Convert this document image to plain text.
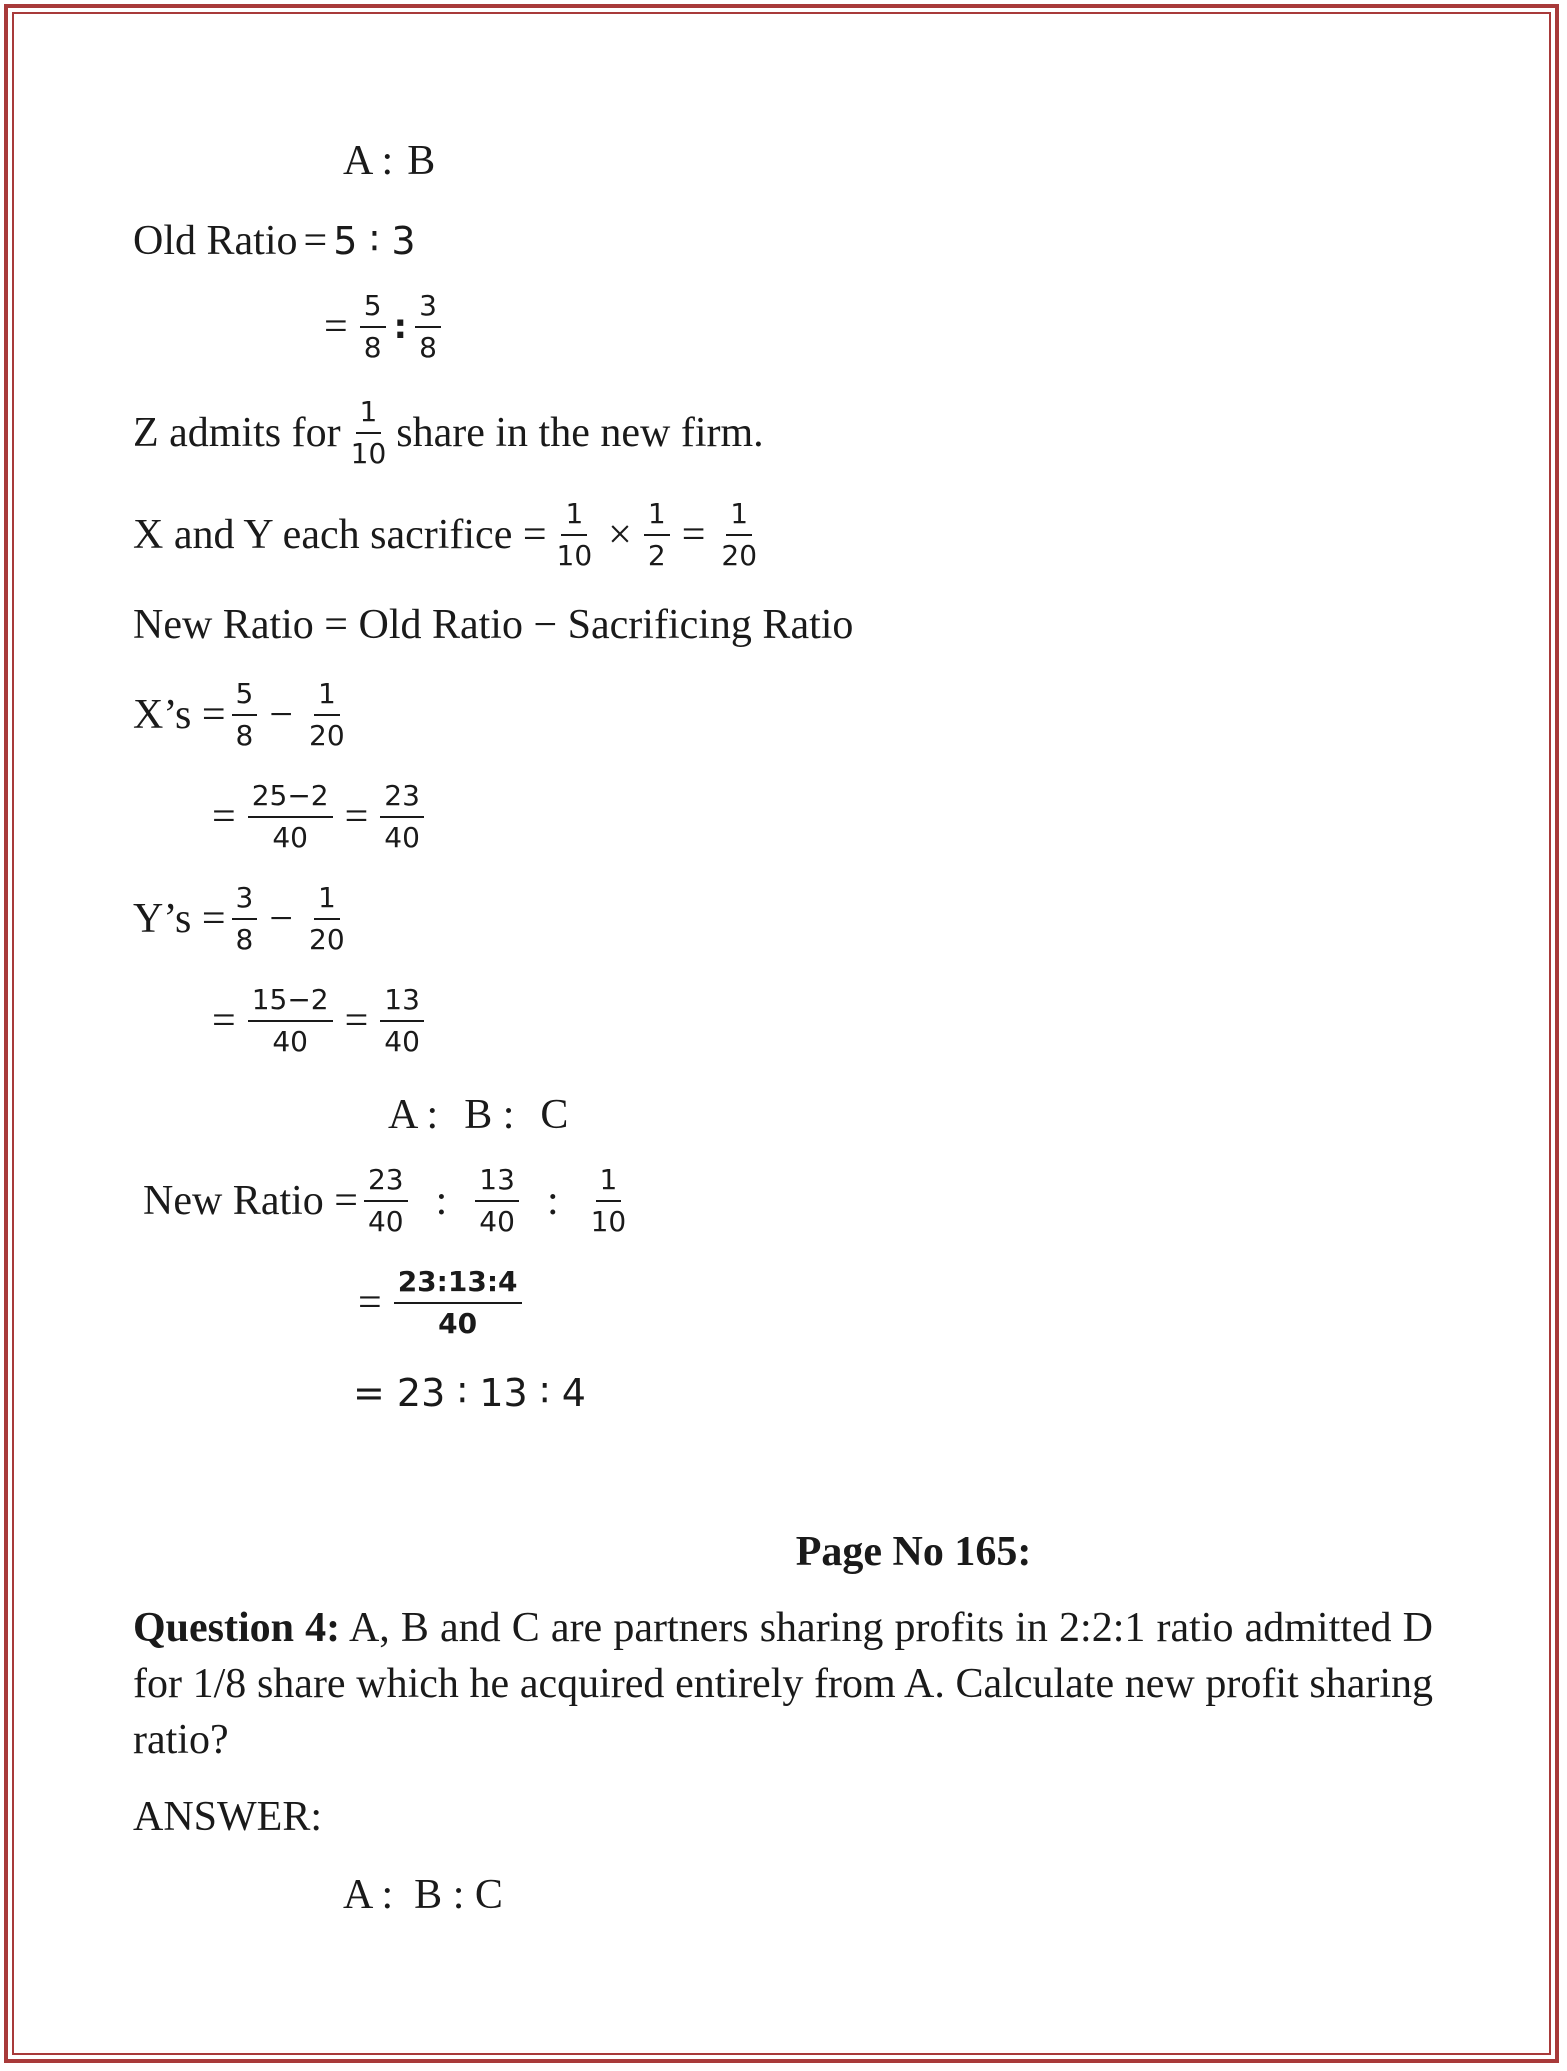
A : B
Old Ratio = 5 ∶ 3
= $\frac{5}{8}$ : $\frac{3}{8}$
Z admits for $\frac{1}{10}$ share in the new firm.
X and Y each sacrifice = $\frac{1}{10} \times \frac{1}{2} = \frac{1}{20}$
New Ratio = Old Ratio − Sacrificing Ratio
X’s = $\frac{5}{8} - \frac{1}{20}$
= $\frac{25-2}{40} = \frac{23}{40}$
Y’s = $\frac{3}{8} - \frac{1}{20}$
= $\frac{15-2}{40} = \frac{13}{40}$
A : B : C
New Ratio = $\frac{23}{40}$ : $\frac{13}{40}$ : $\frac{1}{10}$
= $\frac{23:13:4}{40}$
= 23 ∶ 13 ∶ 4
Page No 165:
Question 4: A, B and C are partners sharing profits in 2:2:1 ratio admitted D for 1/8 share which he acquired entirely from A. Calculate new profit sharing ratio?
ANSWER:
A :  B : C
